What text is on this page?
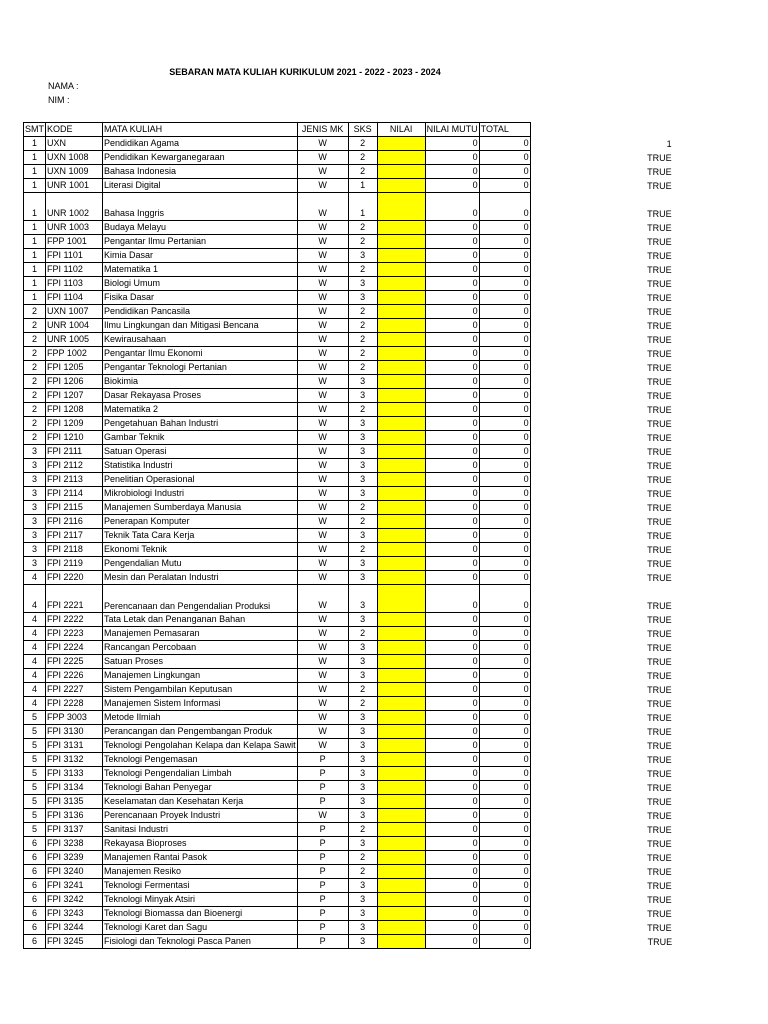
SEBARAN MATA KULIAH KURIKULUM 2021 - 2022 - 2023 - 2024
NAMA :
NIM :
SMT	KODE	MATA KULIAH	JENIS MK	SKS	NILAI	NILAI MUTU	TOTAL	
1	UXN	Pendidikan Agama	W	2		0	0	1
1	UXN 1008	Pendidikan Kewarganegaraan	W	2		0	0	TRUE
1	UXN 1009	Bahasa Indonesia	W	2		0	0	TRUE
1	UNR 1001	Literasi Digital	W	1		0	0	TRUE
1	UNR 1002	Bahasa Inggris	W	1		0	0	TRUE
1	UNR 1003	Budaya Melayu	W	2		0	0	TRUE
1	FPP 1001	Pengantar Ilmu Pertanian	W	2		0	0	TRUE
1	FPI 1101	Kimia Dasar	W	3		0	0	TRUE
1	FPI 1102	Matematika 1	W	2		0	0	TRUE
1	FPI 1103	Biologi Umum	W	3		0	0	TRUE
1	FPI 1104	Fisika Dasar	W	3		0	0	TRUE
2	UXN 1007	Pendidikan Pancasila	W	2		0	0	TRUE
2	UNR 1004	Ilmu Lingkungan dan Mitigasi Bencana	W	2		0	0	TRUE
2	UNR 1005	Kewirausahaan	W	2		0	0	TRUE
2	FPP 1002	Pengantar Ilmu Ekonomi	W	2		0	0	TRUE
2	FPI 1205	Pengantar Teknologi Pertanian	W	2		0	0	TRUE
2	FPI 1206	Biokimia	W	3		0	0	TRUE
2	FPI 1207	Dasar Rekayasa Proses	W	3		0	0	TRUE
2	FPI 1208	Matematika 2	W	2		0	0	TRUE
2	FPI 1209	Pengetahuan Bahan Industri	W	3		0	0	TRUE
2	FPI 1210	Gambar Teknik	W	3		0	0	TRUE
3	FPI 2111	Satuan Operasi	W	3		0	0	TRUE
3	FPI 2112	Statistika Industri	W	3		0	0	TRUE
3	FPI 2113	Penelitian Operasional	W	3		0	0	TRUE
3	FPI 2114	Mikrobiologi Industri	W	3		0	0	TRUE
3	FPI 2115	Manajemen Sumberdaya Manusia	W	2		0	0	TRUE
3	FPI 2116	Penerapan Komputer	W	2		0	0	TRUE
3	FPI 2117	Teknik Tata Cara Kerja	W	3		0	0	TRUE
3	FPI 2118	Ekonomi Teknik	W	2		0	0	TRUE
3	FPI 2119	Pengendalian Mutu	W	3		0	0	TRUE
4	FPI 2220	Mesin dan Peralatan Industri	W	3		0	0	TRUE
4	FPI 2221	Perencanaan dan Pengendalian Produksi	W	3		0	0	TRUE
4	FPI 2222	Tata Letak dan Penanganan Bahan	W	3		0	0	TRUE
4	FPI 2223	Manajemen Pemasaran	W	2		0	0	TRUE
4	FPI 2224	Rancangan Percobaan	W	3		0	0	TRUE
4	FPI 2225	Satuan Proses	W	3		0	0	TRUE
4	FPI 2226	Manajemen Lingkungan	W	3		0	0	TRUE
4	FPI 2227	Sistem Pengambilan Keputusan	W	2		0	0	TRUE
4	FPI 2228	Manajemen Sistem Informasi	W	2		0	0	TRUE
5	FPP 3003	Metode Ilmiah	W	3		0	0	TRUE
5	FPI 3130	Perancangan dan Pengembangan Produk	W	3		0	0	TRUE
5	FPI 3131	Teknologi Pengolahan Kelapa dan Kelapa Sawit	W	3		0	0	TRUE
5	FPI 3132	Teknologi Pengemasan	P	3		0	0	TRUE
5	FPI 3133	Teknologi Pengendalian Limbah	P	3		0	0	TRUE
5	FPI 3134	Teknologi Bahan Penyegar	P	3		0	0	TRUE
5	FPI 3135	Keselamatan dan Kesehatan Kerja	P	3		0	0	TRUE
5	FPI 3136	Perencanaan Proyek Industri	W	3		0	0	TRUE
5	FPI 3137	Sanitasi Industri	P	2		0	0	TRUE
6	FPI 3238	Rekayasa Bioproses	P	3		0	0	TRUE
6	FPI 3239	Manajemen Rantai Pasok	P	2		0	0	TRUE
6	FPI 3240	Manajemen Resiko	P	2		0	0	TRUE
6	FPI 3241	Teknologi Fermentasi	P	3		0	0	TRUE
6	FPI 3242	Teknologi Minyak Atsiri	P	3		0	0	TRUE
6	FPI 3243	Teknologi Biomassa dan Bioenergi	P	3		0	0	TRUE
6	FPI 3244	Teknologi Karet dan Sagu	P	3		0	0	TRUE
6	FPI 3245	Fisiologi dan Teknologi Pasca Panen	P	3		0	0	TRUE
